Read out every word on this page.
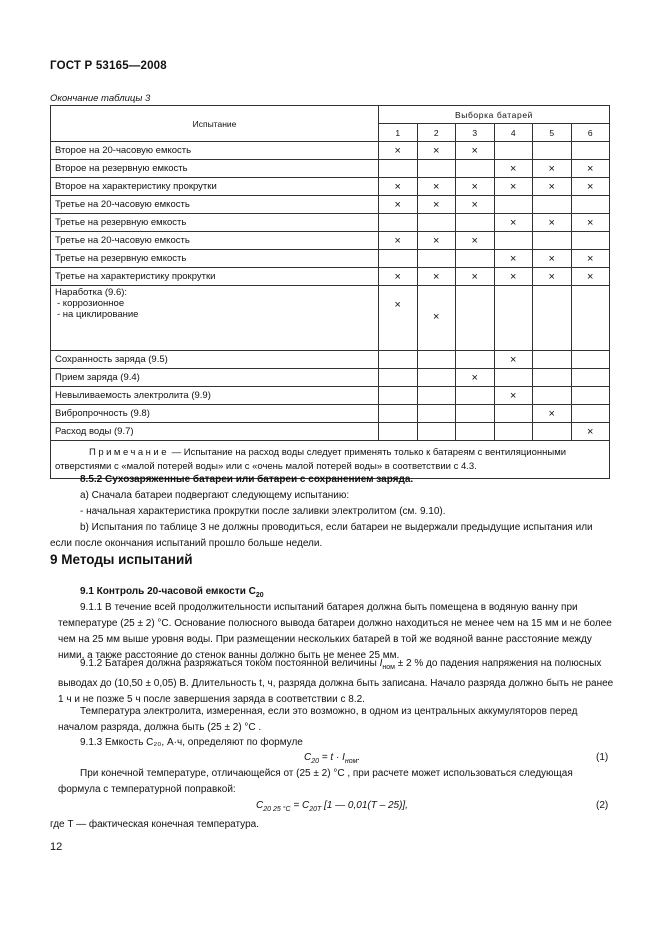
ГОСТ Р 53165—2008
Окончание таблицы 3
Испытание	Выборка батарей					
	1	2	3	4	5	6
Второе на 20-часовую емкость	×	×	×			
Второе на резервную емкость				×	×	×
Второе на характеристику прокрутки	×	×	×	×	×	×
Третье на 20-часовую емкость	×	×	×			
Третье на резервную емкость				×	×	×
Третье на 20-часовую емкость	×	×	×			
Третье на резервную емкость				×	×	×
Третье на характеристику прокрутки	×	×	×	×	×	×
Наработка (9.6):
- коррозионное
- на циклирование	×	×				
Сохранность заряда (9.5)				×		
Прием заряда (9.4)			×			
Невыливаемость электролита (9.9)				×		
Вибропрочность (9.8)					×	
Расход воды (9.7)						×
Примечание — Испытание на расход воды следует применять только к батареям с вентиляционными отверстиями с «малой потерей воды» или с «очень малой потерей воды» в соответствии с 4.3.						
8.5.2 Сухозаряженные батареи или батареи с сохранением заряда.
а) Сначала батареи подвергают следующему испытанию:
- начальная характеристика прокрутки после заливки электролитом (см. 9.10).
b) Испытания по таблице 3 не должны проводиться, если батареи не выдержали предыдущие испытания или если после окончания испытаний прошло больше недели.
9 Методы испытаний
9.1 Контроль 20-часовой емкости $C_{20}$
9.1.1 В течение всей продолжительности испытаний батарея должна быть помещена в водяную ванну при температуре (25 ± 2) °С. Основание полюсного вывода батареи должно находиться не менее чем на 15 мм и не более чем на 25 мм выше уровня воды. При размещении нескольких батарей в той же водяной ванне расстояние между ними, а также расстояние до стенок ванны должно быть не менее 25 мм.
9.1.2 Батарея должна разряжаться током постоянной величины $I_{ном} \pm 2$ % до падения напряжения на полюсных выводах до (10,50 ± 0,05) В. Длительность t, ч, разряда должна быть записана. Начало разряда должно быть не ранее 1 ч и не позже 5 ч после завершения заряда в соответствии с 8.2.
Температура электролита, измеренная, если это возможно, в одном из центральных аккумуляторов перед началом разряда, должна быть (25 ± 2) °С .
9.1.3 Емкость C₂₀, А·ч, определяют по формуле
$C_{20} = t \cdot I_{ном}$.	(1)
При конечной температуре, отличающейся от (25 ± 2) °С , при расчете может использоваться следующая формула с температурной поправкой:
$C_{20 25 ^\circ С} = C_{20T}$ [1 — 0,01(T – 25)],	(2)
где T — фактическая конечная температура.
12
